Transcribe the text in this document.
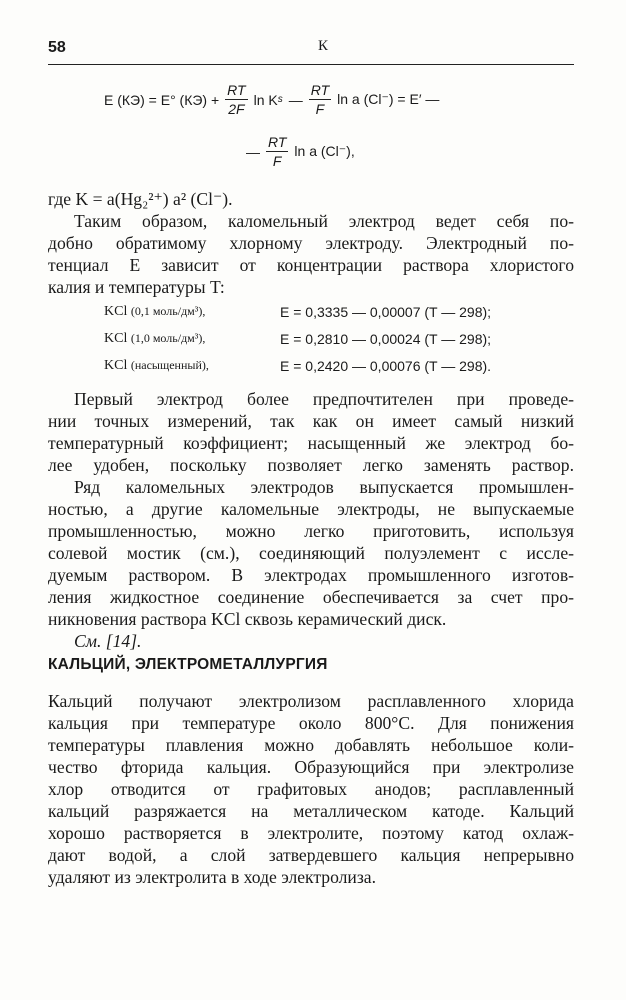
58	К
E (КЭ) = E° $(КЭ) + \frac{RT}{2F}$ ln K s — $\frac{RT}{F}$ ln a (Cl⁻) = E′ —
— $\frac{RT}{F}$ ln a (Cl⁻),
где K = a(Hg₂²⁺) a² (Cl⁻).
Таким образом, каломельный электрод ведет себя по-
добно обратимому хлорному электроду. Электродный по-
тенциал E зависит от концентрации раствора хлористого
калия и температуры T:
KCl (0,1 моль/дм³),	E = 0,3335 — 0,00007 (T — 298);
KCl (1,0 моль/дм³),	E = 0,2810 — 0,00024 (T — 298);
KCl (насыщенный),	E = 0,2420 — 0,00076 (T — 298).
Первый электрод более предпочтителен при проведе-
нии точных измерений, так как он имеет самый низкий
температурный коэффициент; насыщенный же электрод бо-
лее удобен, поскольку позволяет легко заменять раствор.
Ряд каломельных электродов выпускается промышлен-
ностью, а другие каломельные электроды, не выпускаемые
промышленностью, можно легко приготовить, используя
солевой мостик (см.), соединяющий полуэлемент с иссле-
дуемым раствором. В электродах промышленного изготов-
ления жидкостное соединение обеспечивается за счет про-
никновения раствора KCl сквозь керамический диск.
См. [14].
КАЛЬЦИЙ, ЭЛЕКТРОМЕТАЛЛУРГИЯ
Кальций получают электролизом расплавленного хлорида
кальция при температуре около 800°С. Для понижения
температуры плавления можно добавлять небольшое коли-
чество фторида кальция. Образующийся при электролизе
хлор отводится от графитовых анодов; расплавленный
кальций разряжается на металлическом катоде. Кальций
хорошо растворяется в электролите, поэтому катод охлаж-
дают водой, а слой затвердевшего кальция непрерывно
удаляют из электролита в ходе электролиза.
